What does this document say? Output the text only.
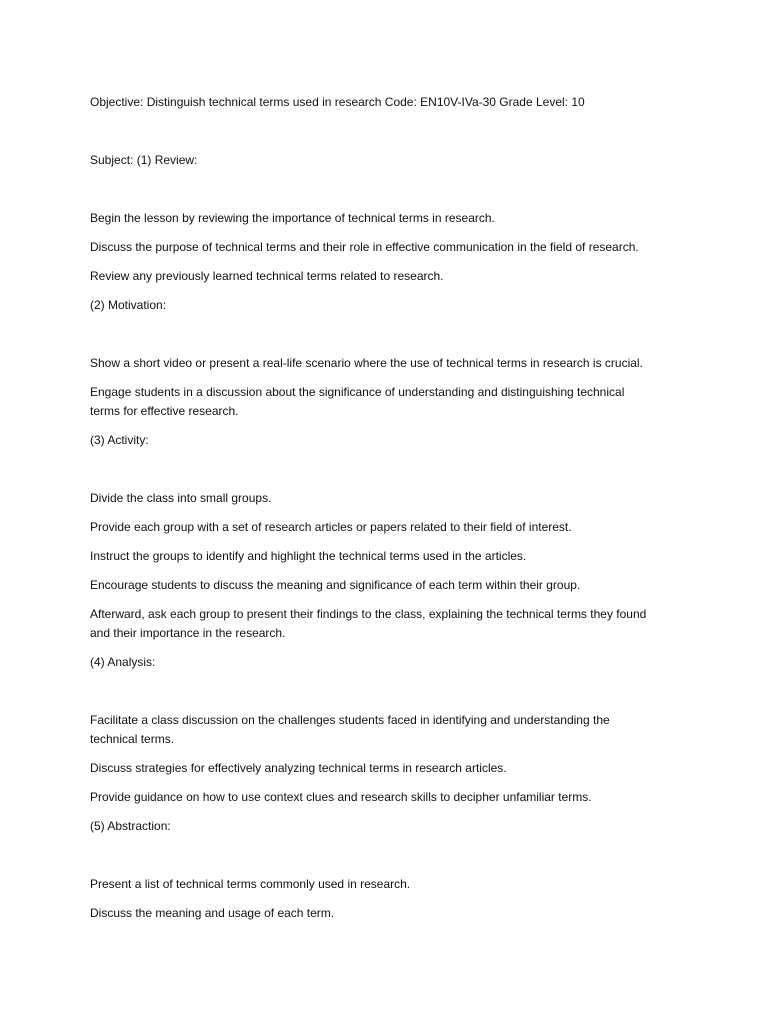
Objective: Distinguish technical terms used in research Code: EN10V-IVa-30 Grade Level: 10
Subject: (1) Review:
Begin the lesson by reviewing the importance of technical terms in research.
Discuss the purpose of technical terms and their role in effective communication in the field of research.
Review any previously learned technical terms related to research.
(2) Motivation:
Show a short video or present a real-life scenario where the use of technical terms in research is crucial.
Engage students in a discussion about the significance of understanding and distinguishing technical terms for effective research.
(3) Activity:
Divide the class into small groups.
Provide each group with a set of research articles or papers related to their field of interest.
Instruct the groups to identify and highlight the technical terms used in the articles.
Encourage students to discuss the meaning and significance of each term within their group.
Afterward, ask each group to present their findings to the class, explaining the technical terms they found and their importance in the research.
(4) Analysis:
Facilitate a class discussion on the challenges students faced in identifying and understanding the technical terms.
Discuss strategies for effectively analyzing technical terms in research articles.
Provide guidance on how to use context clues and research skills to decipher unfamiliar terms.
(5) Abstraction:
Present a list of technical terms commonly used in research.
Discuss the meaning and usage of each term.
